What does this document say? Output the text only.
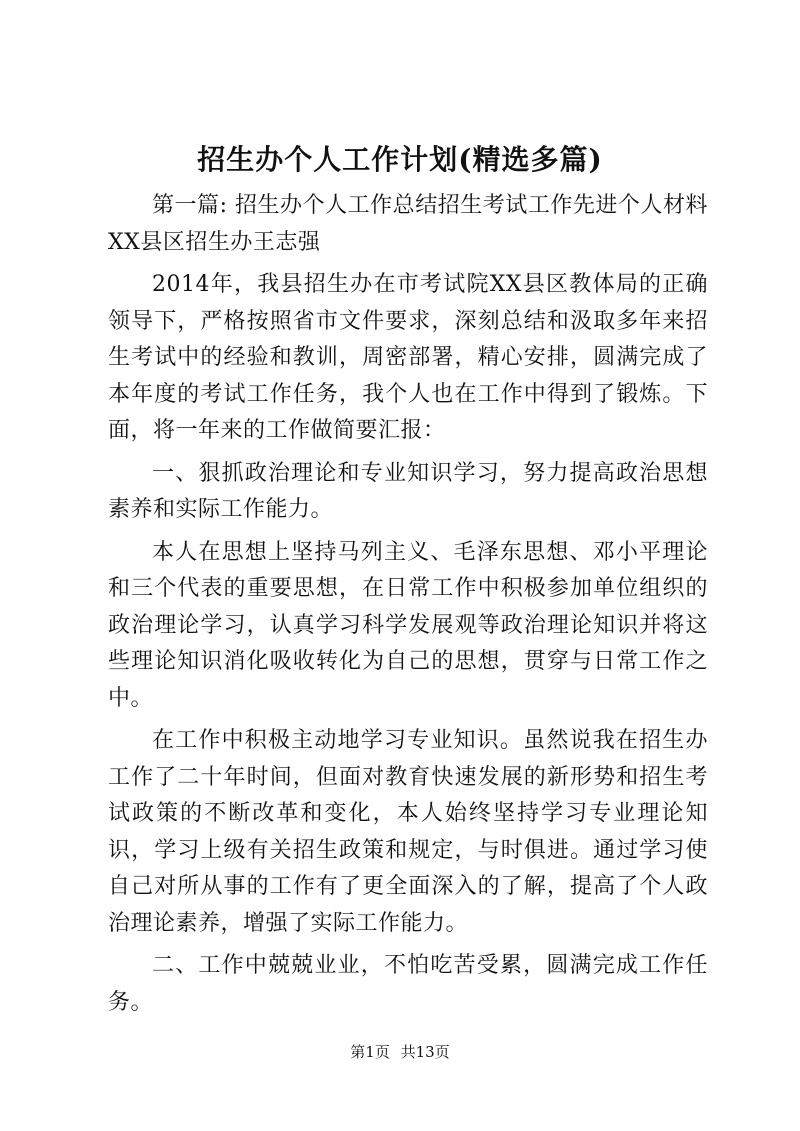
招生办个人工作计划(精选多篇)

第一篇: 招生办个人工作总结招生考试工作先进个人材料XX县区招生办王志强

2014年，我县招生办在市考试院XX县区教体局的正确领导下，严格按照省市文件要求，深刻总结和汲取多年来招生考试中的经验和教训，周密部署，精心安排，圆满完成了本年度的考试工作任务，我个人也在工作中得到了锻炼。下面，将一年来的工作做简要汇报：

一、狠抓政治理论和专业知识学习，努力提高政治思想素养和实际工作能力。

本人在思想上坚持马列主义、毛泽东思想、邓小平理论和三个代表的重要思想，在日常工作中积极参加单位组织的政治理论学习，认真学习科学发展观等政治理论知识并将这些理论知识消化吸收转化为自己的思想，贯穿与日常工作之中。

在工作中积极主动地学习专业知识。虽然说我在招生办工作了二十年时间，但面对教育快速发展的新形势和招生考试政策的不断改革和变化，本人始终坚持学习专业理论知识，学习上级有关招生政策和规定，与时俱进。通过学习使自己对所从事的工作有了更全面深入的了解，提高了个人政治理论素养，增强了实际工作能力。

二、工作中兢兢业业，不怕吃苦受累，圆满完成工作任务。

第1页 共13页
